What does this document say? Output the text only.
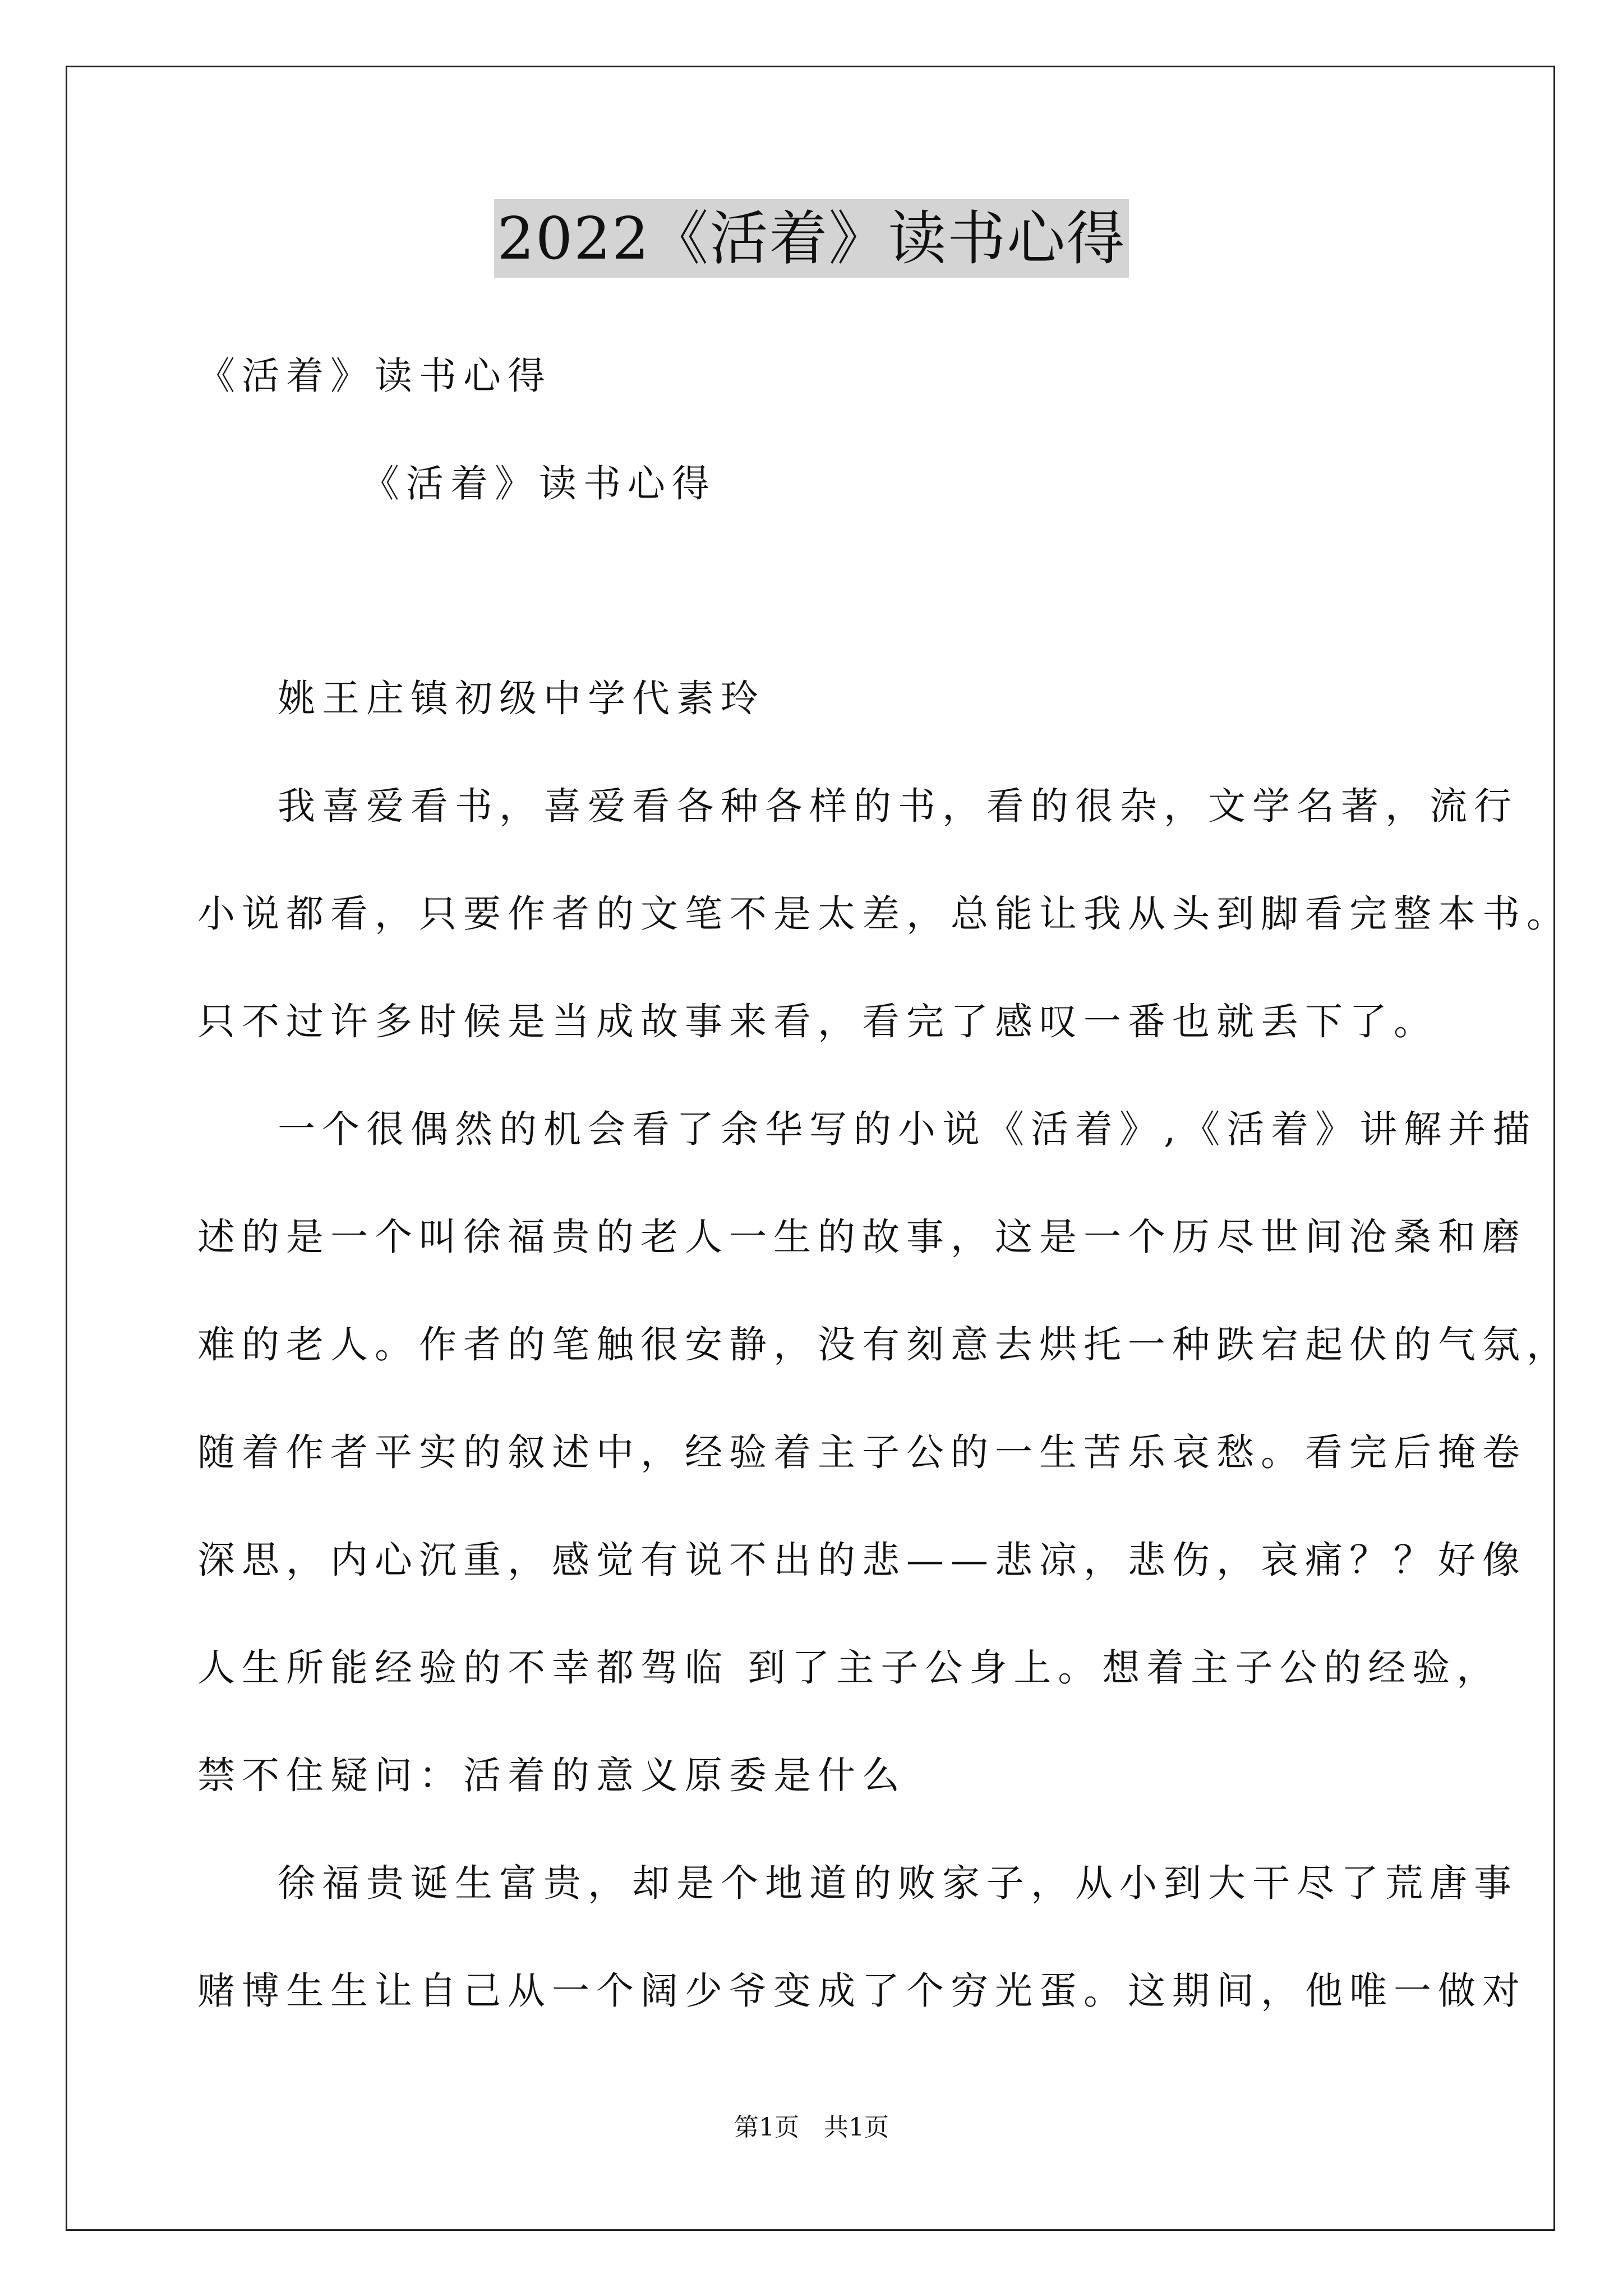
2022《活着》读书心得
《活着》读书心得
《活着》读书心得
姚王庄镇初级中学代素玲
我喜爱看书，喜爱看各种各样的书，看的很杂，文学名著，流行
小说都看，只要作者的文笔不是太差，总能让我从头到脚看完整本书。
只不过许多时候是当成故事来看，看完了感叹一番也就丢下了。
一个很偶然的机会看了余华写的小说《活着》,《活着》讲解并描
述的是一个叫徐福贵的老人一生的故事，这是一个历尽世间沧桑和磨
难的老人。作者的笔触很安静，没有刻意去烘托一种跌宕起伏的气氛，
随着作者平实的叙述中，经验着主子公的一生苦乐哀愁。看完后掩卷
深思，内心沉重，感觉有说不出的悲——悲凉，悲伤，哀痛？？好像
人生所能经验的不幸都驾临 到了主子公身上。想着主子公的经验，
禁不住疑问：活着的意义原委是什么
徐福贵诞生富贵，却是个地道的败家子，从小到大干尽了荒唐事
赌博生生让自己从一个阔少爷变成了个穷光蛋。这期间，他唯一做对
第1页　共1页
